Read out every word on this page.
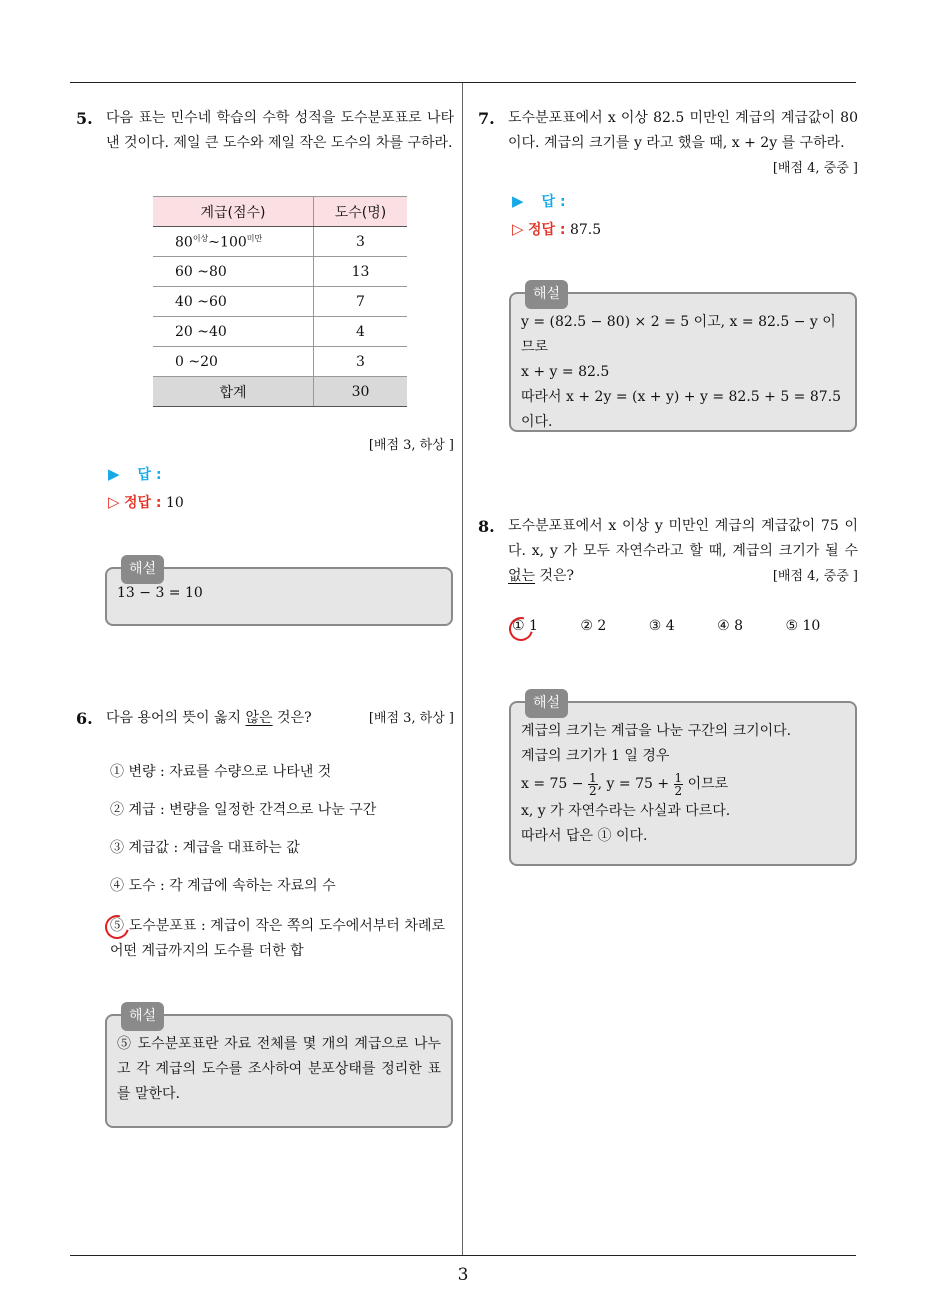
3
5. 다음 표는 민수네 학습의 수학 성적을 도수분포표로 나타낸 것이다. 제일 큰 도수와 제일 작은 도수의 차를 구하라.
계급(점수)	도수(명)
$80^{이상}\sim 100^{미만}$	3
60 ~80	13
40 ~60	7
20 ~40	4
0 ~20	3
합계	30
[배점 3, 하상 ]
▶ 답 :
▷ 정답 : 10
해설
13 − 3 = 10
6. 다음 용어의 뜻이 옳지 않은 것은?	[배점 3, 하상 ]
① 변량 : 자료를 수량으로 나타낸 것
② 계급 : 변량을 일정한 간격으로 나눈 구간
③ 계급값 : 계급을 대표하는 값
④ 도수 : 각 계급에 속하는 자료의 수
⑤ 도수분포표 : 계급이 작은 쪽의 도수에서부터 차례로 어떤 계급까지의 도수를 더한 합
해설
⑤ 도수분포표란 자료 전체를 몇 개의 계급으로 나누고 각 계급의 도수를 조사하여 분포상태를 정리한 표를 말한다.
7. 도수분포표에서 x 이상 82.5 미만인 계급의 계급값이 80 이다. 계급의 크기를 y 라고 했을 때, x + 2y 를 구하라.
[배점 4, 중중 ]
▶ 답 :
▷ 정답 : 87.5
해설
y = (82.5 − 80) × 2 = 5 이고, x = 82.5 − y 이므로
x + y = 82.5
따라서 x + 2y = (x + y) + y = 82.5 + 5 = 87.5
이다.
8. 도수분포표에서 x 이상 y 미만인 계급의 계급값이 75 이다. x, y 가 모두 자연수라고 할 때, 계급의 크기가 될 수 없는 것은?	[배점 4, 중중 ]
① 1	② 2	③ 4	④ 8	⑤ 10
해설
계급의 크기는 계급을 나눈 구간의 크기이다.
계급의 크기가 1 일 경우
$x = 75 - \frac{1}{2}$ , $y = 75 + \frac{1}{2}$ 이므로
x, y 가 자연수라는 사실과 다르다.
따라서 답은 ① 이다.
